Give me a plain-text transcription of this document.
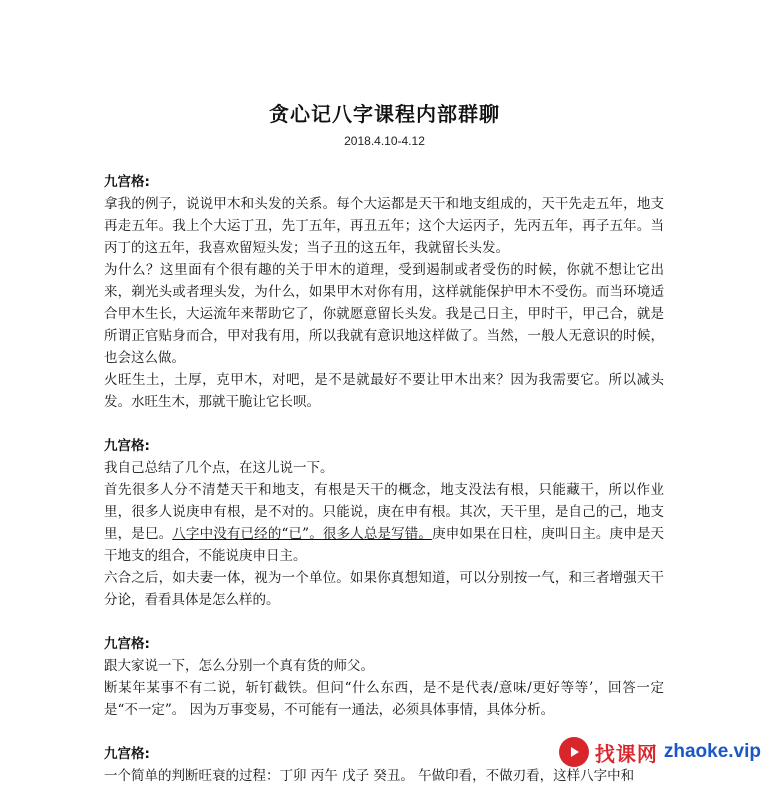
贪心记八字课程内部群聊
2018.4.10-4.12
九宫格:

拿我的例子，说说甲木和头发的关系。每个大运都是天干和地支组成的，天干先走五年，地支再走五年。我上个大运丁丑，先丁五年，再丑五年；这个大运丙子，先丙五年，再子五年。当丙丁的这五年，我喜欢留短头发；当子丑的这五年，我就留长头发。

为什么？这里面有个很有趣的关于甲木的道理，受到遏制或者受伤的时候，你就不想让它出来，剃光头或者理头发，为什么，如果甲木对你有用，这样就能保护甲木不受伤。而当环境适合甲木生长，大运流年来帮助它了，你就愿意留长头发。我是己日主，甲时干，甲己合，就是所谓正官贴身而合，甲对我有用，所以我就有意识地这样做了。当然，一般人无意识的时候，也会这么做。

火旺生土，土厚，克甲木，对吧，是不是就最好不要让甲木出来？因为我需要它。所以减头发。水旺生木，那就干脆让它长呗。

九宫格:

我自己总结了几个点，在这儿说一下。

首先很多人分不清楚天干和地支，有根是天干的概念，地支没法有根，只能藏干，所以作业里，很多人说庚申有根，是不对的。只能说，庚在申有根。其次，天干里，是自己的己，地支里，是巳。八字中没有已经的“已”。很多人总是写错。庚申如果在日柱，庚叫日主。庚申是天干地支的组合，不能说庚申日主。

六合之后，如夫妻一体，视为一个单位。如果你真想知道，可以分别按一气，和三者增强天干分论，看看具体是怎么样的。

九宫格:

跟大家说一下，怎么分别一个真有货的师父。

断某年某事不有二说，斩钉截铁。但问“什么东西，是不是代表/意味/更好等等’，回答一定是“不一定”。 因为万事变易，不可能有一通法，必须具体事情，具体分析。

九宫格:

一个简单的判断旺衰的过程：丁卯 丙午 戊子 癸丑。 午做印看，不做刃看，这样八字中和

找课网 zhaoke.vip
